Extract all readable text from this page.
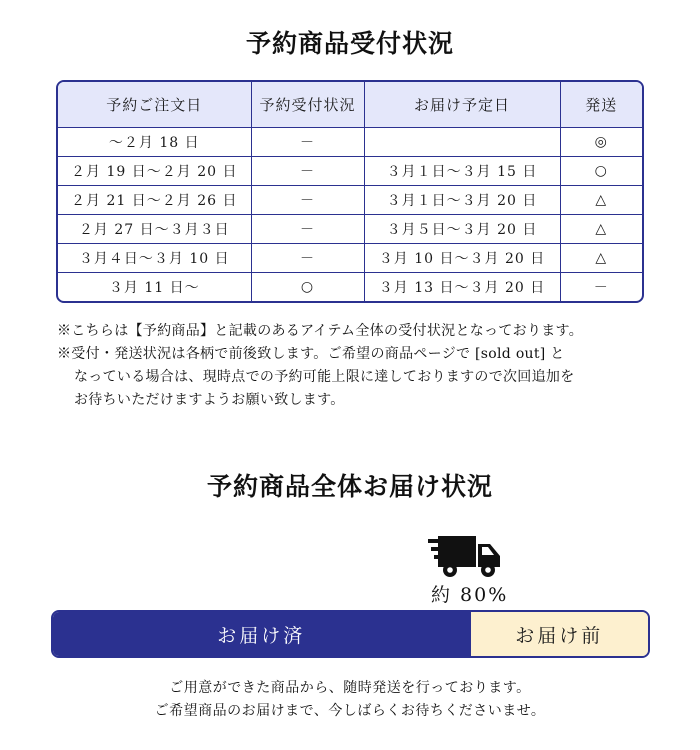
予約商品受付状況
予約ご注文日	予約受付状況	お届け予定日	発送
～２月 18 日	－		◎
２月 19 日～２月 20 日	－	３月１日～３月 15 日	○
２月 21 日～２月 26 日	－	３月１日～３月 20 日	△
２月 27 日～３月３日	－	３月５日～３月 20 日	△
３月４日～３月 10 日	－	３月 10 日～３月 20 日	△
３月 11 日～	○	３月 13 日～３月 20 日	－
※こちらは【予約商品】と記載のあるアイテム全体の受付状況となっております。
※受付・発送状況は各柄で前後致します。ご希望の商品ページで [sold out] と
なっている場合は、現時点での予約可能上限に達しておりますので次回追加を
お待ちいただけますようお願い致します。
予約商品全体お届け状況
約 80%
お届け済	お届け前
ご用意ができた商品から、随時発送を行っております。
ご希望商品のお届けまで、今しばらくお待ちくださいませ。
